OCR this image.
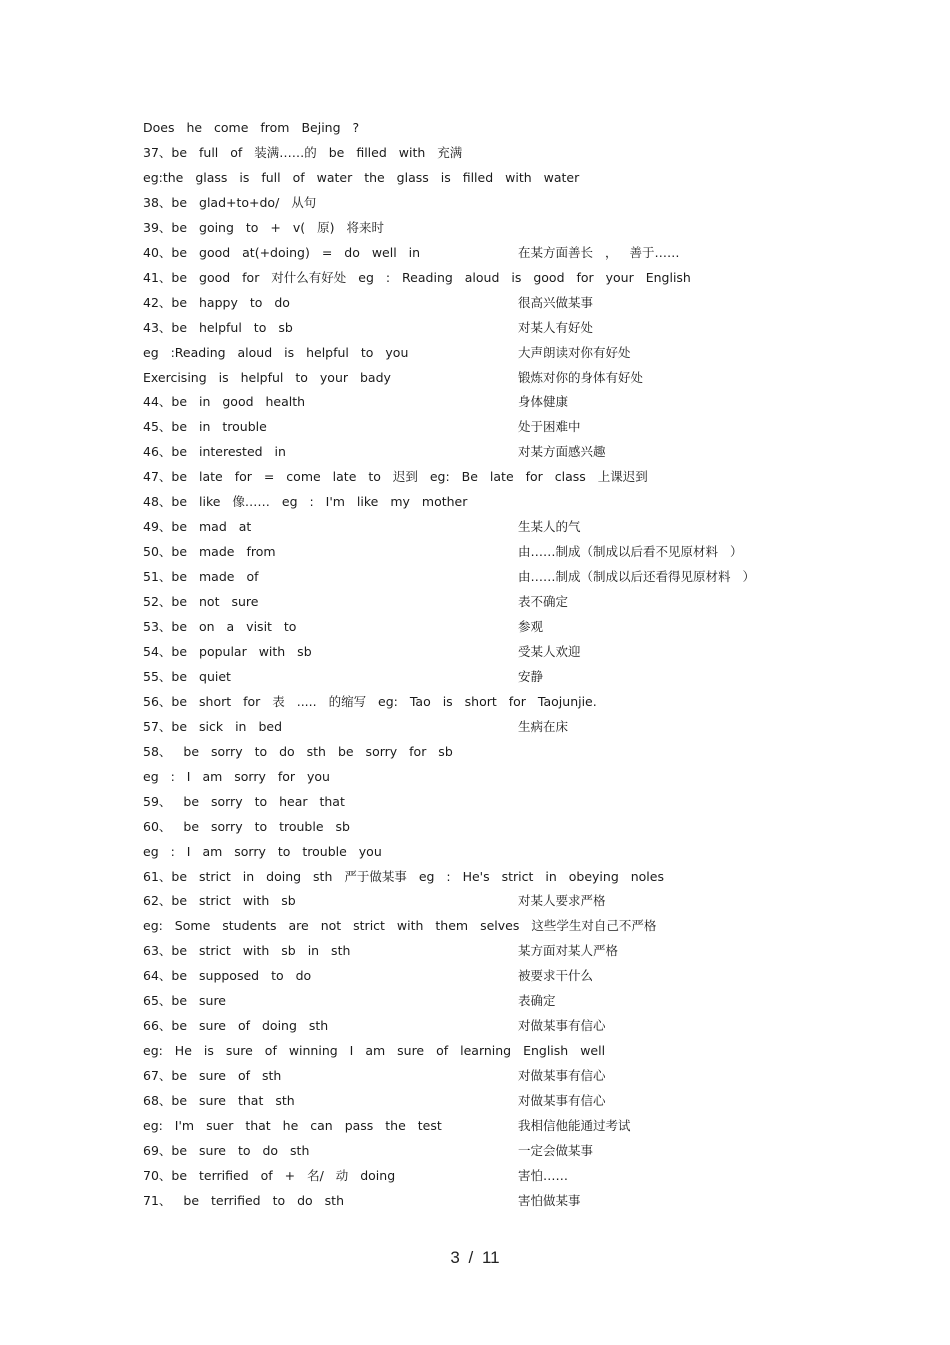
Does he come from Bejing ?
37、be full of 装满……的 be filled with 充满
eg:the glass is full of water the glass is filled with water
38、be glad+to+do/ 从句
39、be going to + v( 原) 将来时
40、be good at(+doing) = do well in	在某方面善长 ， 善于……
41、be good for 对什么有好处 eg : Reading aloud is good for your English
42、be happy to do	很高兴做某事
43、be helpful to sb	对某人有好处
eg :Reading aloud is helpful to you	大声朗读对你有好处
Exercising is helpful to your bady	锻炼对你的身体有好处
44、be in good health	身体健康
45、be in trouble	处于困难中
46、be interested in	对某方面感兴趣
47、be late for = come late to 迟到 eg: Be late for class 上课迟到
48、be like 像…… eg : I'm like my mother
49、be mad at	生某人的气
50、be made from	由……制成（制成以后看不见原材料 ）
51、be made of	由……制成（制成以后还看得见原材料 ）
52、be not sure	表不确定
53、be on a visit to	参观
54、be popular with sb	受某人欢迎
55、be quiet	安静
56、be short for 表 ..... 的缩写 eg: Tao is short for Taojunjie.
57、be sick in bed	生病在床
58、 be sorry to do sth be sorry for sb
eg : I am sorry for you
59、 be sorry to hear that
60、 be sorry to trouble sb
eg : I am sorry to trouble you
61、be strict in doing sth 严于做某事 eg : He's strict in obeying noles
62、be strict with sb	对某人要求严格
eg: Some students are not strict with them selves 这些学生对自己不严格
63、be strict with sb in sth	某方面对某人严格
64、be supposed to do	被要求干什么
65、be sure	表确定
66、be sure of doing sth	对做某事有信心
eg: He is sure of winning I am sure of learning English well
67、be sure of sth	对做某事有信心
68、be sure that sth	对做某事有信心
eg: I'm suer that he can pass the test	我相信他能通过考试
69、be sure to do sth	一定会做某事
70、be terrified of + 名/ 动 doing	害怕……
71、 be terrified to do sth	害怕做某事
3 / 11
